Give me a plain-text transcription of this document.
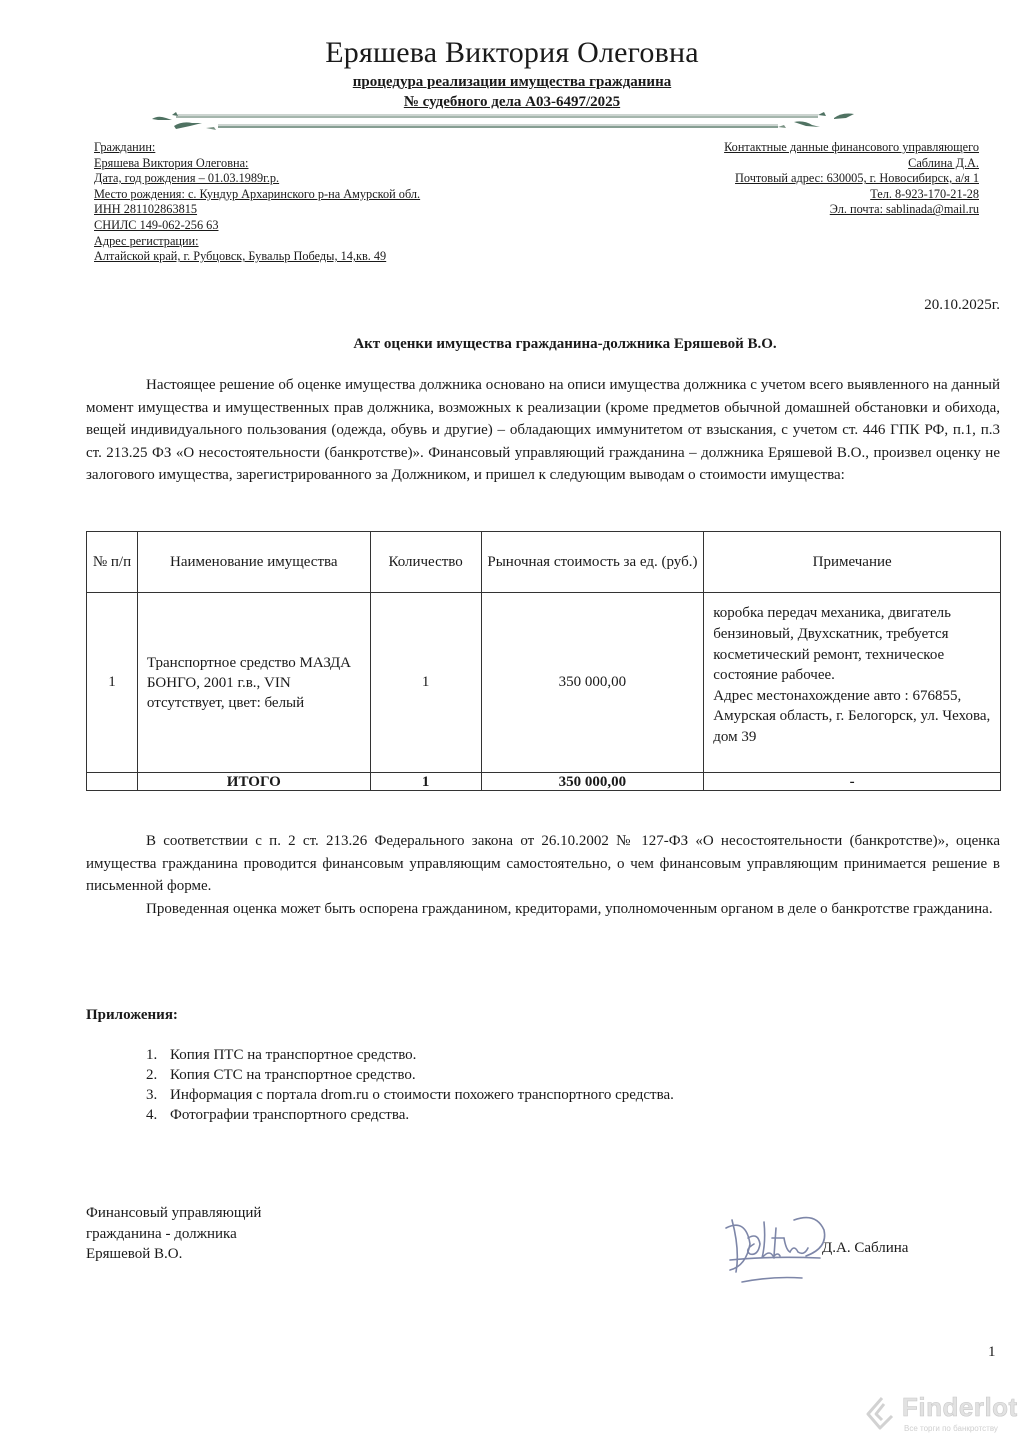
Еряшева Виктория Олеговна
процедура реализации имущества гражданина
№ судебного дела А03-6497/2025
Гражданин:
Еряшева Виктория Олеговна:
Дата, год рождения – 01.03.1989г.р.
Место рождения: с. Кундур Архаринского р-на Амурской обл.
ИНН 281102863815
СНИЛС 149-062-256 63
Адрес регистрации:
Алтайской край, г. Рубцовск, Бувальр Победы, 14,кв. 49
Контактные данные финансового управляющего
Саблина Д.А.
Почтовый адрес: 630005, г. Новосибирск, а/я 1
Тел. 8-923-170-21-28
Эл. почта: sablinada@mail.ru
20.10.2025г.
Акт оценки имущества гражданина-должника Еряшевой В.О.

Настоящее решение об оценке имущества должника основано на описи имущества должника с учетом всего выявленного на данный момент имущества и имущественных прав должника, возможных к реализации (кроме предметов обычной домашней обстановки и обихода, вещей индивидуального пользования (одежда, обувь и другие) – обладающих иммунитетом от взыскания, с учетом ст. 446 ГПК РФ, п.1, п.3 ст. 213.25 ФЗ «О несостоятельности (банкротстве)». Финансовый управляющий гражданина – должника Еряшевой В.О., произвел оценку не залогового имущества, зарегистрированного за Должником, и пришел к следующим выводам о стоимости имущества:

№ п/п	Наименование имущества	Количество	Рыночная стоимость за ед. (руб.)	Примечание
1	Транспортное средство МАЗДА БОНГО, 2001 г.в., VIN отсутствует, цвет: белый	1	350 000,00	коробка передач механика, двигатель бензиновый, Двухскатник, требуется косметический ремонт, техническое состояние рабочее.
Адрес местонахождение авто : 676855, Амурская область, г. Белогорск, ул. Чехова, дом 39

	ИТОГО	1	350 000,00	-

В соответствии с п. 2 ст. 213.26 Федерального закона от 26.10.2002 № 127-ФЗ «О несостоятельности (банкротстве)», оценка имущества гражданина проводится финансовым управляющим самостоятельно, о чем финансовым управляющим принимается решение в письменной форме.

Проведенная оценка может быть оспорена гражданином, кредиторами, уполномоченным органом в деле о банкротстве гражданина.

Приложения:
1. Копия ПТС на транспортное средство.
2. Копия СТС на транспортное средство.
3. Информация с портала drom.ru о стоимости похожего транспортного средства.
4. Фотографии транспортного средства.
Финансовый управляющий
гражданина - должника
Еряшевой В.О.	Д.А. Саблина
1
Finderlot
Все торги по банкротству
